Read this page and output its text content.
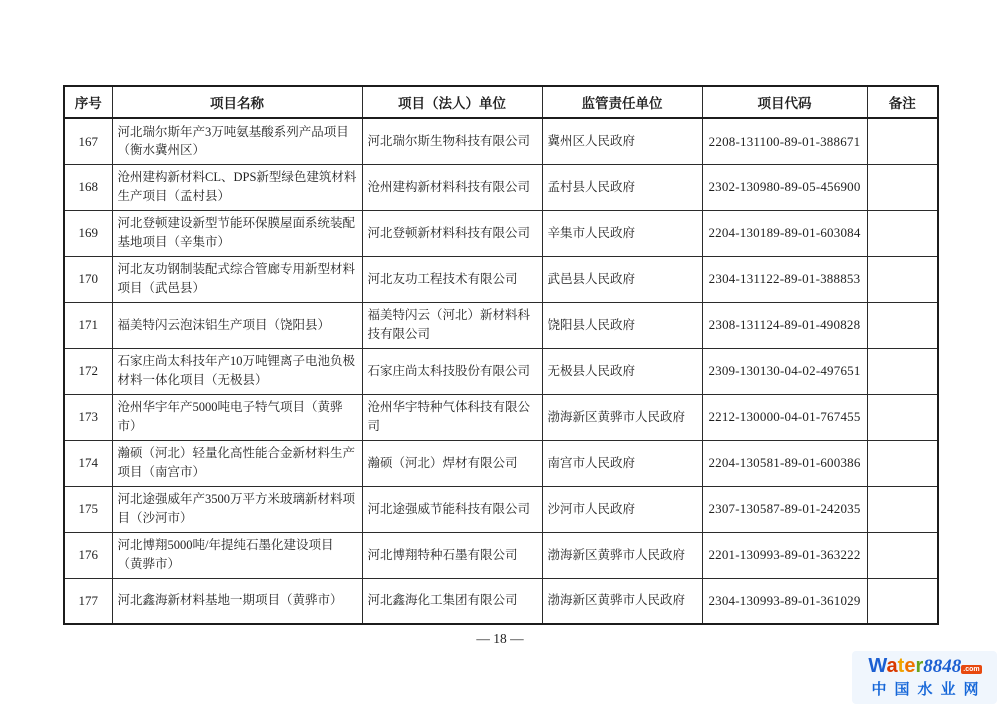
序号	项目名称	项目（法人）单位	监管责任单位	项目代码	备注
167	河北瑞尔斯年产3万吨氨基酸系列产品项目（衡水冀州区）	河北瑞尔斯生物科技有限公司	冀州区人民政府	2208-131100-89-01-388671	
168	沧州建构新材料CL、DPS新型绿色建筑材料生产项目（孟村县）	沧州建构新材料科技有限公司	孟村县人民政府	2302-130980-89-05-456900	
169	河北登顿建设新型节能环保膜屋面系统装配基地项目（辛集市）	河北登顿新材料科技有限公司	辛集市人民政府	2204-130189-89-01-603084	
170	河北友功钢制装配式综合管廊专用新型材料项目（武邑县）	河北友功工程技术有限公司	武邑县人民政府	2304-131122-89-01-388853	
171	福美特闪云泡沫铝生产项目（饶阳县）	福美特闪云（河北）新材料科技有限公司	饶阳县人民政府	2308-131124-89-01-490828	
172	石家庄尚太科技年产10万吨锂离子电池负极材料一体化项目（无极县）	石家庄尚太科技股份有限公司	无极县人民政府	2309-130130-04-02-497651	
173	沧州华宇年产5000吨电子特气项目（黄骅市）	沧州华宇特种气体科技有限公司	渤海新区黄骅市人民政府	2212-130000-04-01-767455	
174	瀚硕（河北）轻量化高性能合金新材料生产项目（南宫市）	瀚硕（河北）焊材有限公司	南宫市人民政府	2204-130581-89-01-600386	
175	河北途强威年产3500万平方米玻璃新材料项目（沙河市）	河北途强威节能科技有限公司	沙河市人民政府	2307-130587-89-01-242035	
176	河北博翔5000吨/年提纯石墨化建设项目（黄骅市）	河北博翔特种石墨有限公司	渤海新区黄骅市人民政府	2201-130993-89-01-363222	
177	河北鑫海新材料基地一期项目（黄骅市）	河北鑫海化工集团有限公司	渤海新区黄骅市人民政府	2304-130993-89-01-361029	
— 18 —
Water8848 .com
中国水业网
